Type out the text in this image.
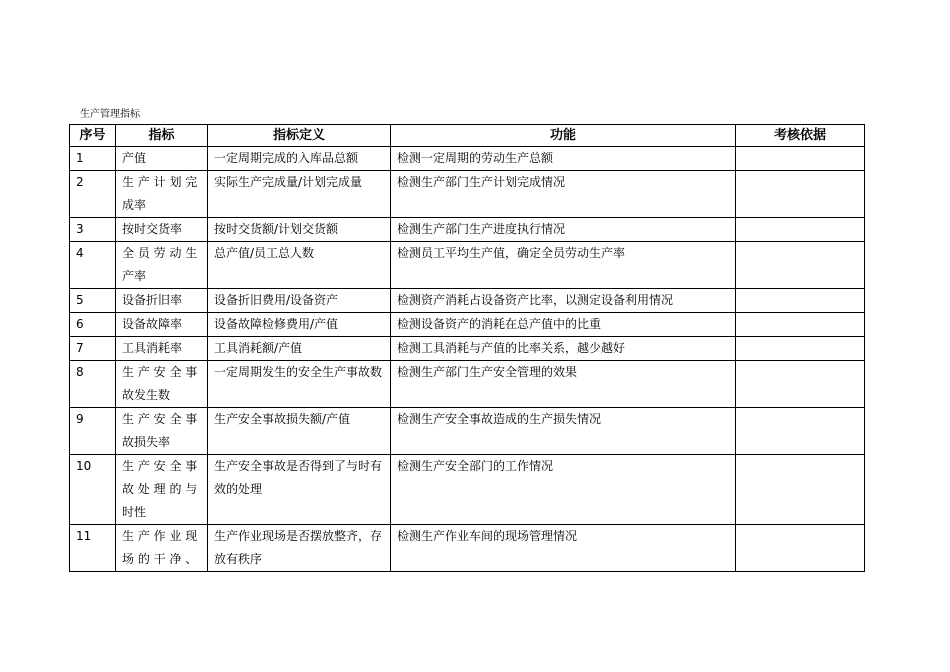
生产管理指标
序号	指标	指标定义	功能	考核依据
1	产值	一定周期完成的入库品总额	检测一定周期的劳动生产总额	
2	生 产 计 划 完成率	实际生产完成量/计划完成量	检测生产部门生产计划完成情况	
3	按时交货率	按时交货额/计划交货额	检测生产部门生产进度执行情况	
4	全 员 劳 动 生产率	总产值/员工总人数	检测员工平均生产值，确定全员劳动生产率	
5	设备折旧率	设备折旧费用/设备资产	检测资产消耗占设备资产比率，以测定设备利用情况	
6	设备故障率	设备故障检修费用/产值	检测设备资产的消耗在总产值中的比重	
7	工具消耗率	工具消耗额/产值	检测工具消耗与产值的比率关系，越少越好	
8	生 产 安 全 事故发生数	一定周期发生的安全生产事故数	检测生产部门生产安全管理的效果	
9	生 产 安 全 事故损失率	生产安全事故损失额/产值	检测生产安全事故造成的生产损失情况	
10	生 产 安 全 事 故 处 理 的 与时性	生产安全事故是否得到了与时有效的处理	检测生产安全部门的工作情况	
11	生 产 作 业 现 场 的 干 净 、	生产作业现场是否摆放整齐，存放有秩序	检测生产作业车间的现场管理情况	
